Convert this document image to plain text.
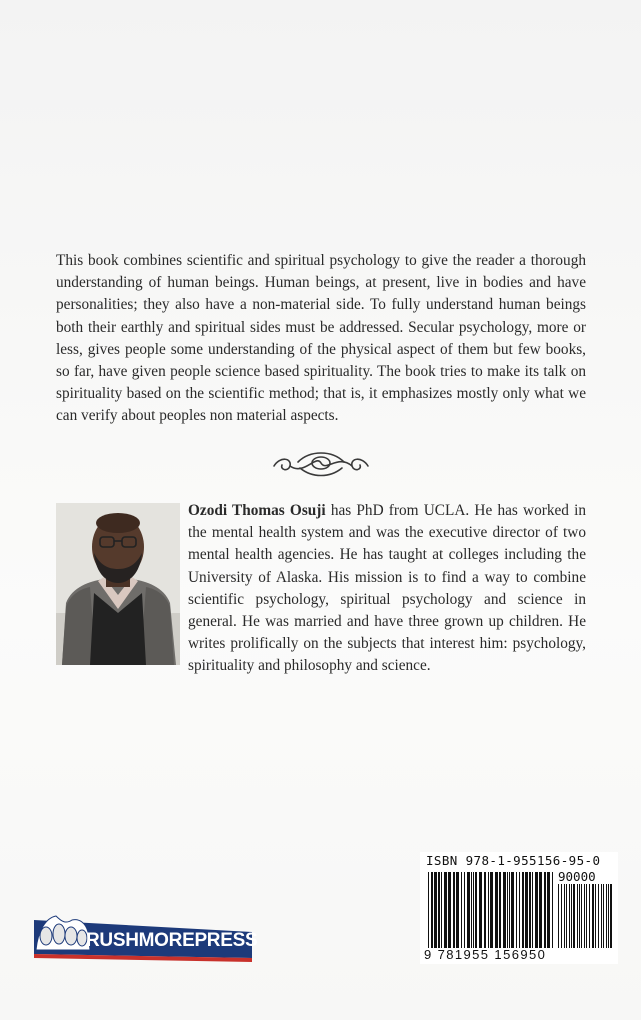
This book combines scientific and spiritual psychology to give the reader a thorough understanding of human beings. Human beings, at present, live in bodies and have personalities; they also have a non-material side. To fully understand human beings both their earthly and spiritual sides must be addressed. Secular psychology, more or less, gives people some understanding of the physical aspect of them but few books, so far, have given people science based spirituality. The book tries to make its talk on spirituality based on the scientific method; that is, it emphasizes mostly only what we can verify about peoples non material aspects.

Ozodi Thomas Osuji has PhD from UCLA. He has worked in the mental health system and was the executive director of two mental health agencies. He has taught at colleges including the University of Alaska. His mission is to find a way to combine scientific psychology, spiritual psychology and science in general. He was married and have three grown up children. He writes prolifically on the subjects that interest him: psychology, spirituality and philosophy and science.

RUSHMOREPRESS
ISBN 978-1-955156-95-0
90000
9 781955 156950
